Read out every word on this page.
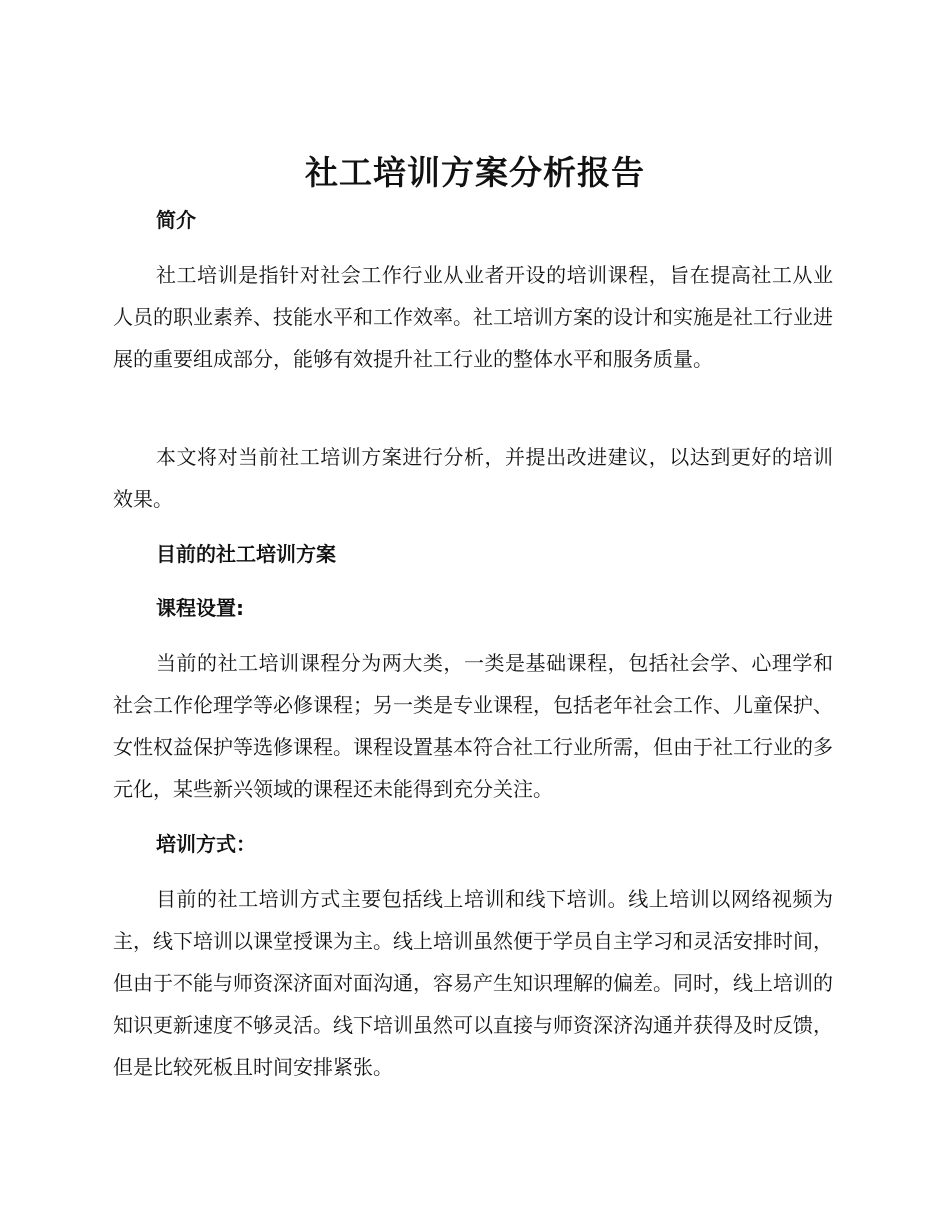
社工培训方案分析报告
简介

社工培训是指针对社会工作行业从业者开设的培训课程，旨在提高社工从业人员的职业素养、技能水平和工作效率。社工培训方案的设计和实施是社工行业进展的重要组成部分，能够有效提升社工行业的整体水平和服务质量。

本文将对当前社工培训方案进行分析，并提出改进建议，以达到更好的培训效果。

目前的社工培训方案
课程设置:

当前的社工培训课程分为两大类，一类是基础课程，包括社会学、心理学和社会工作伦理学等必修课程；另一类是专业课程，包括老年社会工作、儿童保护、女性权益保护等选修课程。课程设置基本符合社工行业所需，但由于社工行业的多元化，某些新兴领域的课程还未能得到充分关注。

培训方式：

目前的社工培训方式主要包括线上培训和线下培训。线上培训以网络视频为主，线下培训以课堂授课为主。线上培训虽然便于学员自主学习和灵活安排时间，但由于不能与师资深济面对面沟通，容易产生知识理解的偏差。同时，线上培训的知识更新速度不够灵活。线下培训虽然可以直接与师资深济沟通并获得及时反馈，但是比较死板且时间安排紧张。
